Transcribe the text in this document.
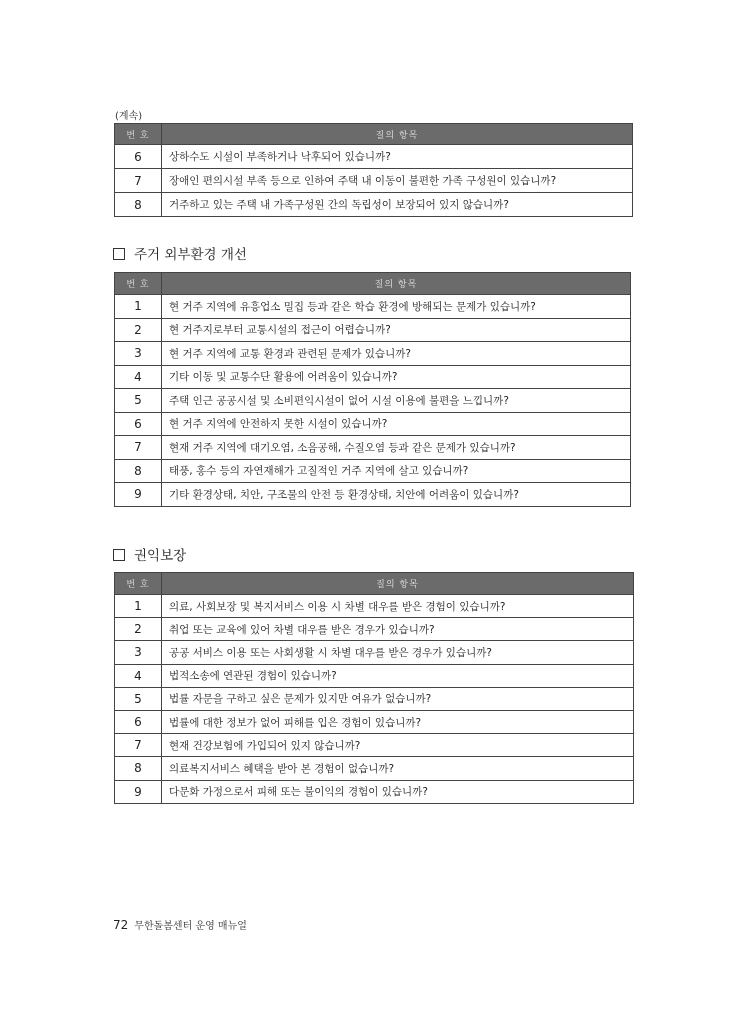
(계속)
번 호	질의 항목
6	상하수도 시설이 부족하거나 낙후되어 있습니까?
7	장애인 편의시설 부족 등으로 인하여 주택 내 이동이 불편한 가족 구성원이 있습니까?
8	거주하고 있는 주택 내 가족구성원 간의 독립성이 보장되어 있지 않습니까?
주거 외부환경 개선
번 호	질의 항목
1	현 거주 지역에 유흥업소 밀집 등과 같은 학습 환경에 방해되는 문제가 있습니까?
2	현 거주지로부터 교통시설의 접근이 어렵습니까?
3	현 거주 지역에 교통 환경과 관련된 문제가 있습니까?
4	기타 이동 및 교통수단 활용에 어려움이 있습니까?
5	주택 인근 공공시설 및 소비편익시설이 없어 시설 이용에 불편을 느낍니까?
6	현 거주 지역에 안전하지 못한 시설이 있습니까?
7	현재 거주 지역에 대기오염, 소음공해, 수질오염 등과 같은 문제가 있습니까?
8	태풍, 홍수 등의 자연재해가 고질적인 거주 지역에 살고 있습니까?
9	기타 환경상태, 치안, 구조물의 안전 등 환경상태, 치안에 어려움이 있습니까?
권익보장
번 호	질의 항목
1	의료, 사회보장 및 복지서비스 이용 시 차별 대우를 받은 경험이 있습니까?
2	취업 또는 교육에 있어 차별 대우를 받은 경우가 있습니까?
3	공공 서비스 이용 또는 사회생활 시 차별 대우를 받은 경우가 있습니까?
4	법적소송에 연관된 경험이 있습니까?
5	법률 자문을 구하고 싶은 문제가 있지만 여유가 없습니까?
6	법률에 대한 정보가 없어 피해를 입은 경험이 있습니까?
7	현재 건강보험에 가입되어 있지 않습니까?
8	의료복지서비스 혜택을 받아 본 경험이 없습니까?
9	다문화 가정으로서 피해 또는 불이익의 경험이 있습니까?
72 무한돌봄센터 운영 매뉴얼
